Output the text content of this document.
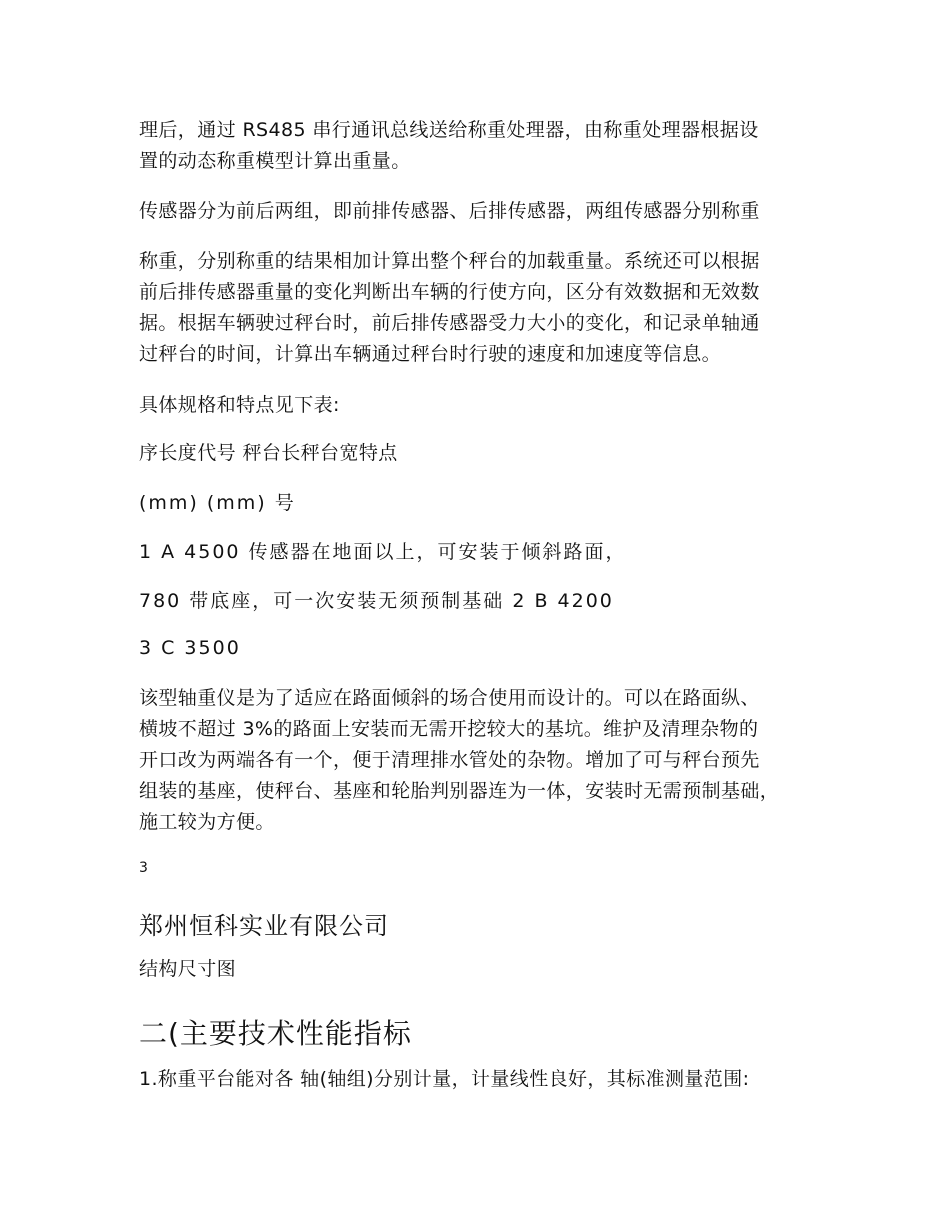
理后，通过 RS485 串行通讯总线送给称重处理器，由称重处理器根据设
置的动态称重模型计算出重量。
传感器分为前后两组，即前排传感器、后排传感器，两组传感器分别称重
称重，分别称重的结果相加计算出整个秤台的加载重量。系统还可以根据
前后排传感器重量的变化判断出车辆的行使方向，区分有效数据和无效数
据。根据车辆驶过秤台时，前后排传感器受力大小的变化，和记录单轴通
过秤台的时间，计算出车辆通过秤台时行驶的速度和加速度等信息。
具体规格和特点见下表:
序长度代号 秤台长秤台宽特点
(mm) (mm) 号
1 A 4500 传感器在地面以上，可安装于倾斜路面，
780 带底座，可一次安装无须预制基础 2 B 4200
3 C 3500
该型轴重仪是为了适应在路面倾斜的场合使用而设计的。可以在路面纵、
横坡不超过 3%的路面上安装而无需开挖较大的基坑。维护及清理杂物的
开口改为两端各有一个，便于清理排水管处的杂物。增加了可与秤台预先
组装的基座，使秤台、基座和轮胎判别器连为一体，安装时无需预制基础，
施工较为方便。
3
郑州恒科实业有限公司
结构尺寸图
二(主要技术性能指标
1.称重平台能对各 轴(轴组)分别计量，计量线性良好，其标准测量范围:
